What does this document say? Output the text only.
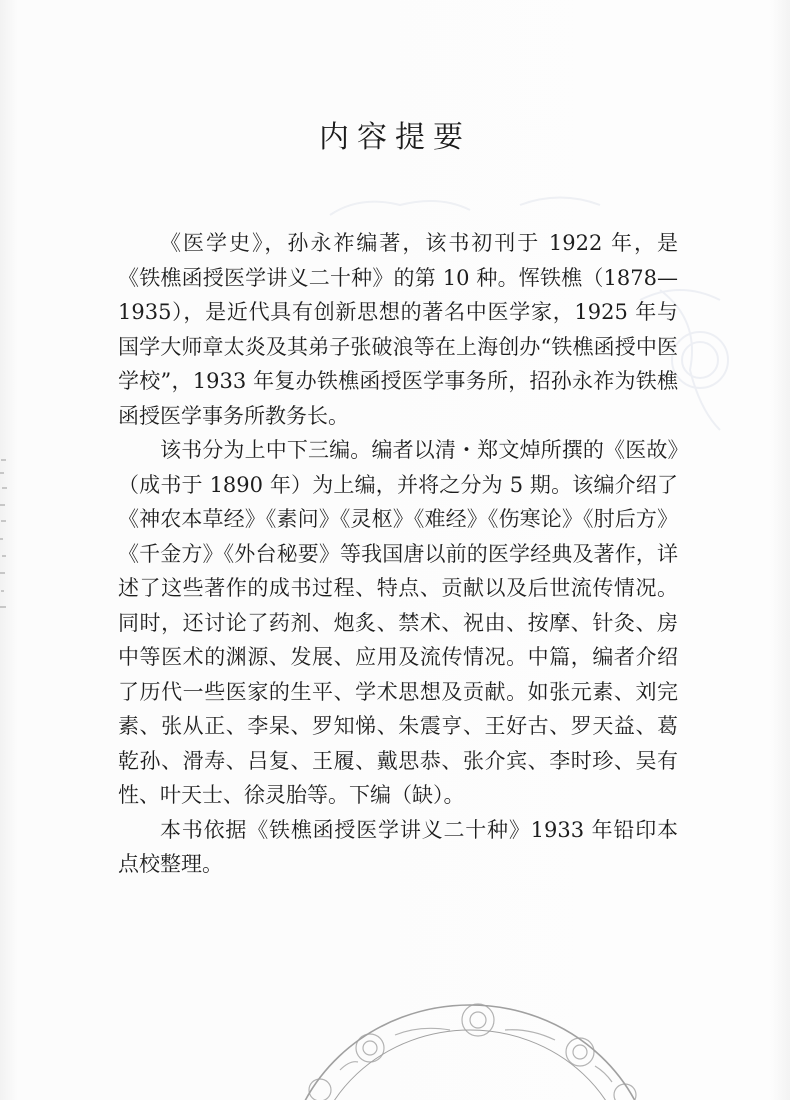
内容提要

《医学史》，孙永祚编著，该书初刊于 1922 年，是《铁樵函授医学讲义二十种》的第 10 种。恽铁樵（1878—1935），是近代具有创新思想的著名中医学家，1925 年与国学大师章太炎及其弟子张破浪等在上海创办“铁樵函授中医学校”，1933 年复办铁樵函授医学事务所，招孙永祚为铁樵函授医学事务所教务长。

该书分为上中下三编。编者以清・郑文焯所撰的《医故》（成书于 1890 年）为上编，并将之分为 5 期。该编介绍了《神农本草经》《素问》《灵枢》《难经》《伤寒论》《肘后方》《千金方》《外台秘要》等我国唐以前的医学经典及著作，详述了这些著作的成书过程、特点、贡献以及后世流传情况。同时，还讨论了药剂、炮炙、禁术、祝由、按摩、针灸、房中等医术的渊源、发展、应用及流传情况。中篇，编者介绍了历代一些医家的生平、学术思想及贡献。如张元素、刘完素、张从正、李杲、罗知悌、朱震亨、王好古、罗天益、葛乾孙、滑寿、吕复、王履、戴思恭、张介宾、李时珍、吴有性、叶天士、徐灵胎等。下编（缺）。

本书依据《铁樵函授医学讲义二十种》1933 年铅印本点校整理。
